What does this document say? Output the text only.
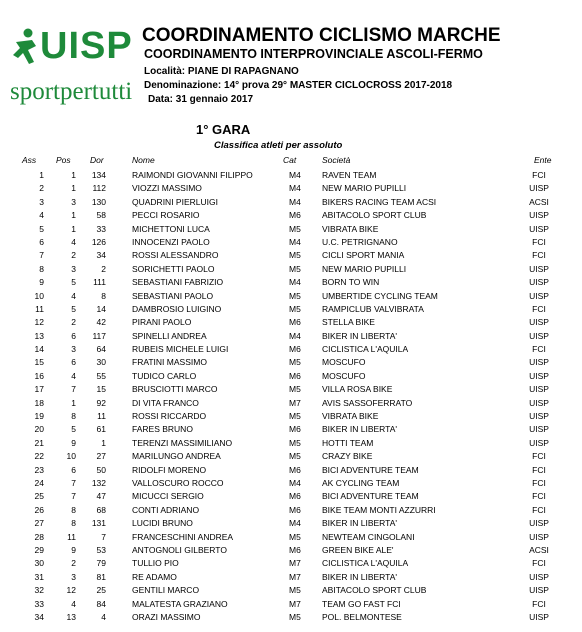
UISP
sportpertutti
COORDINAMENTO CICLISMO MARCHE
COORDINAMENTO INTERPROVINCIALE ASCOLI-FERMO
Località: PIANE DI RAPAGNANO
Denominazione: 14° prova 29° MASTER CICLOCROSS 2017-2018
Data: 31 gennaio 2017
1° GARA
Classifica atleti per assoluto
Ass Pos Dor	Nome	Cat	Società	Ente
1	1	134	RAIMONDI GIOVANNI FILIPPO	M4 RAVEN TEAM	FCI
2	1	112	VIOZZI MASSIMO	M4 NEW MARIO PUPILLI	UISP
3	3	130	QUADRINI PIERLUIGI	M4 BIKERS RACING TEAM ACSI	ACSI
4	1	58	PECCI ROSARIO	M6 ABITACOLO SPORT CLUB	UISP
5	1	33	MICHETTONI LUCA	M5 VIBRATA BIKE	UISP
6	4	126	INNOCENZI PAOLO	M4 U.C. PETRIGNANO	FCI
7	2	34	ROSSI ALESSANDRO	M5 CICLI SPORT MANIA	FCI
8	3	2	SORICHETTI PAOLO	M5 NEW MARIO PUPILLI	UISP
9	5	111	SEBASTIANI FABRIZIO	M4 BORN TO WIN	UISP
10	4	8	SEBASTIANI PAOLO	M5 UMBERTIDE CYCLING TEAM	UISP
11	5	14	DAMBROSIO LUIGINO	M5 RAMPICLUB VALVIBRATA	FCI
12	2	42	PIRANI PAOLO	M6 STELLA BIKE	UISP
13	6	117	SPINELLI ANDREA	M4 BIKER IN LIBERTA'	UISP
14	3	64	RUBEIS MICHELE LUIGI	M6 CICLISTICA L'AQUILA	FCI
15	6	30	FRATINI MASSIMO	M5 MOSCUFO	UISP
16	4	55	TUDICO CARLO	M6 MOSCUFO	UISP
17	7	15	BRUSCIOTTI MARCO	M5 VILLA ROSA BIKE	UISP
18	1	92	DI VITA FRANCO	M7 AVIS SASSOFERRATO	UISP
19	8	11	ROSSI RICCARDO	M5 VIBRATA BIKE	UISP
20	5	61	FARES BRUNO	M6 BIKER IN LIBERTA'	UISP
21	9	1	TERENZI MASSIMILIANO	M5 HOTTI TEAM	UISP
22	10	27	MARILUNGO ANDREA	M5 CRAZY BIKE	FCI
23	6	50	RIDOLFI MORENO	M6 BICI ADVENTURE TEAM	FCI
24	7	132	VALLOSCURO ROCCO	M4 AK CYCLING TEAM	FCI
25	7	47	MICUCCI SERGIO	M6 BICI ADVENTURE TEAM	FCI
26	8	68	CONTI ADRIANO	M6 BIKE TEAM MONTI AZZURRI	FCI
27	8	131	LUCIDI BRUNO	M4 BIKER IN LIBERTA'	UISP
28	11	7	FRANCESCHINI ANDREA	M5 NEWTEAM CINGOLANI	UISP
29	9	53	ANTOGNOLI GILBERTO	M6 GREEN BIKE ALE'	ACSI
30	2	79	TULLIO PIO	M7 CICLISTICA L'AQUILA	FCI
31	3	81	RE ADAMO	M7 BIKER IN LIBERTA'	UISP
32	12	25	GENTILI MARCO	M5 ABITACOLO SPORT CLUB	UISP
33	4	84	MALATESTA GRAZIANO	M7 TEAM GO FAST FCI	FCI
34	13	4	ORAZI MASSIMO	M5 POL. BELMONTESE	UISP
